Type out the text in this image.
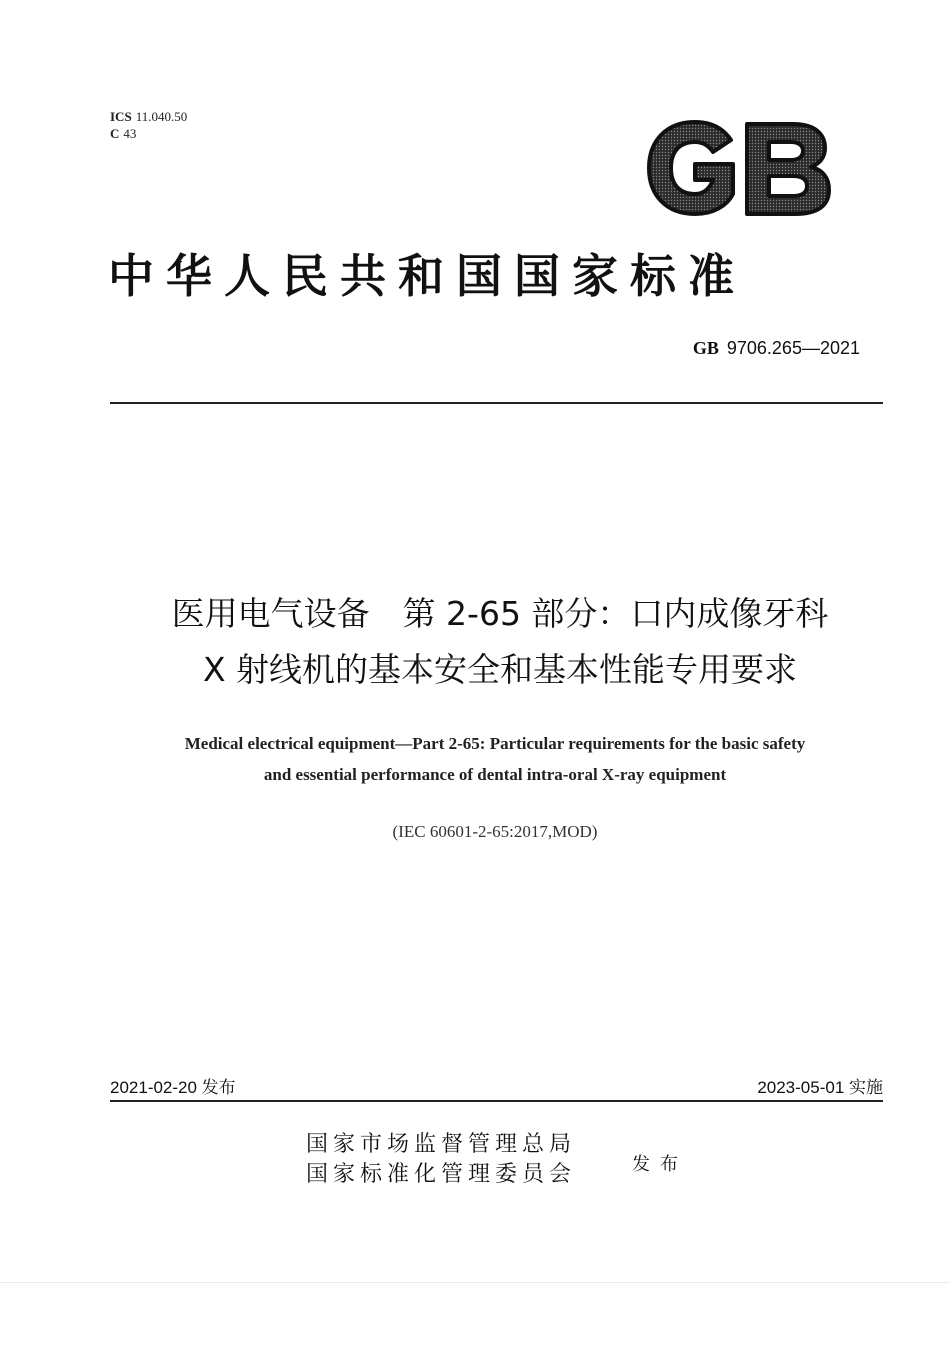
ICS 11.040.50
C 43
中华人民共和国国家标准
GB 9706.265—2021
医用电气设备　第 2-65 部分：口内成像牙科
X 射线机的基本安全和基本性能专用要求
Medical electrical equipment—Part 2-65: Particular requirements for the basic safety
and essential performance of dental intra-oral X-ray equipment
(IEC 60601-2-65:2017,MOD)
2021-02-20 发布	2023-05-01 实施
国家市场监督管理总局
国家标准化管理委员会	发布
